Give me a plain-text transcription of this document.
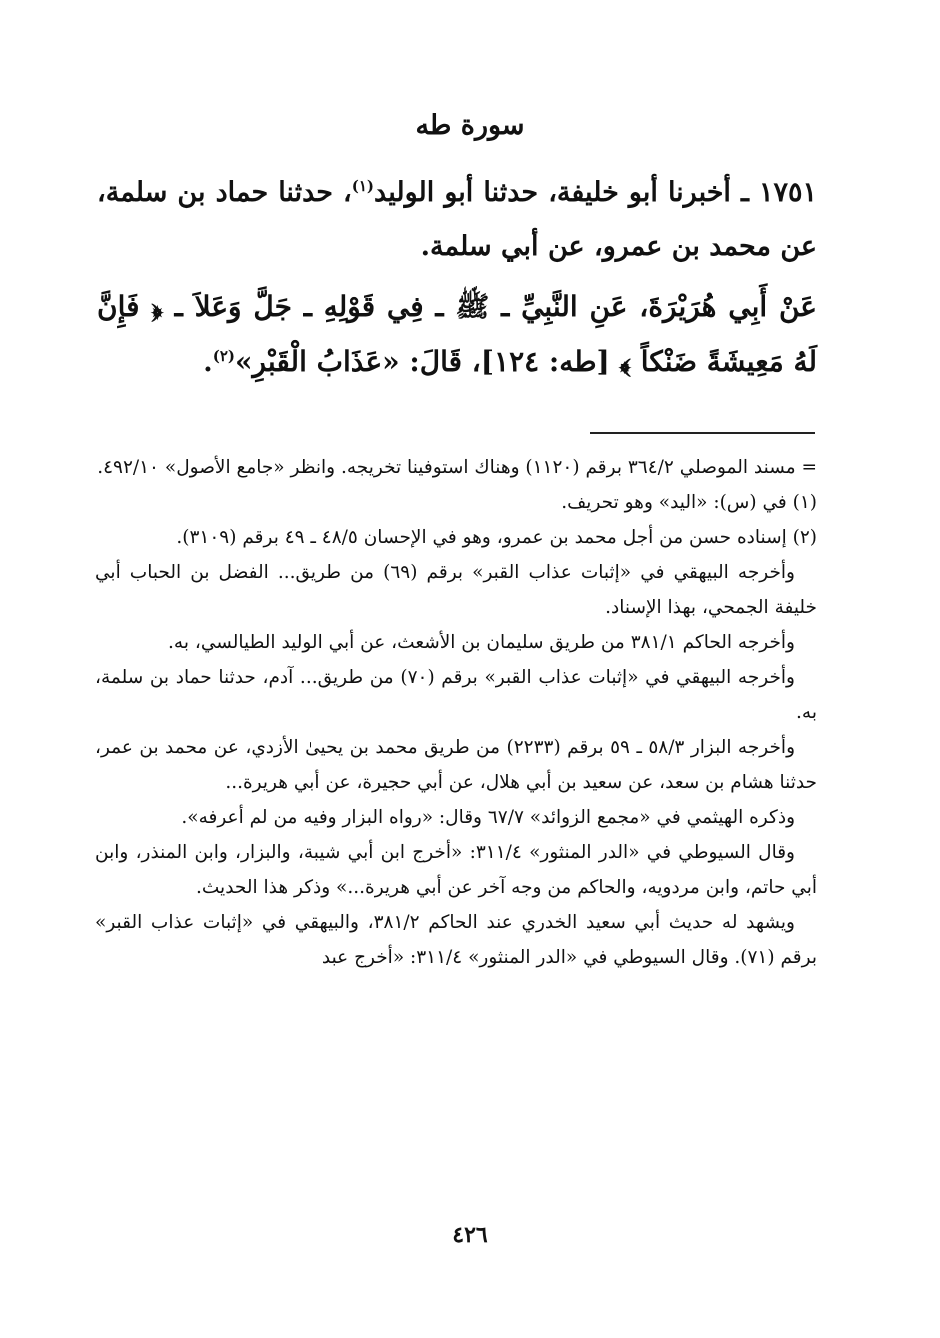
سورة طه

١٧٥١ ـ أخبرنا أبو خليفة، حدثنا أبو الوليد$^{(١)}$، حدثنا حماد بن سلمة، عن محمد بن عمرو، عن أبي سلمة.

عَنْ أَبِي هُرَيْرَةَ، عَنِ النَّبِيِّ ـ ﷺ ـ فِي قَوْلِهِ ـ جَلَّ وَعَلاَ ـ ﴿ فَإِنَّ لَهُ مَعِيشَةً ضَنْكاً ﴾ [طه: ١٢٤]، قَالَ: «عَذَابُ الْقَبْرِ»$^{(٢)}$.

= مسند الموصلي ٣٦٤/٢ برقم (١١٢٠) وهناك استوفينا تخريجه. وانظر «جامع الأصول» ٤٩٢/١٠.

(١) في (س): «اليد» وهو تحريف.

(٢) إسناده حسن من أجل محمد بن عمرو، وهو في الإحسان ٤٨/٥ ـ ٤٩ برقم (٣١٠٩).

وأخرجه البيهقي في «إثبات عذاب القبر» برقم (٦٩) من طريق... الفضل بن الحباب أبي خليفة الجمحي، بهذا الإسناد.

وأخرجه الحاكم ٣٨١/١ من طريق سليمان بن الأشعث، عن أبي الوليد الطيالسي، به.

وأخرجه البيهقي في «إثبات عذاب القبر» برقم (٧٠) من طريق... آدم، حدثنا حماد بن سلمة، به.

وأخرجه البزار ٥٨/٣ ـ ٥٩ برقم (٢٢٣٣) من طريق محمد بن يحيىٰ الأزدي، عن محمد بن عمر، حدثنا هشام بن سعد، عن سعيد بن أبي هلال، عن أبي حجيرة، عن أبي هريرة...

وذكره الهيثمي في «مجمع الزوائد» ٦٧/٧ وقال: «رواه البزار وفيه من لم أعرفه».

وقال السيوطي في «الدر المنثور» ٣١١/٤: «أخرج ابن أبي شيبة، والبزار، وابن المنذر، وابن أبي حاتم، وابن مردويه، والحاكم من وجه آخر عن أبي هريرة...» وذكر هذا الحديث.

ويشهد له حديث أبي سعيد الخدري عند الحاكم ٣٨١/٢، والبيهقي في «إثبات عذاب القبر» برقم (٧١). وقال السيوطي في «الدر المنثور» ٣١١/٤: «أخرج عبد

٤٢٦
